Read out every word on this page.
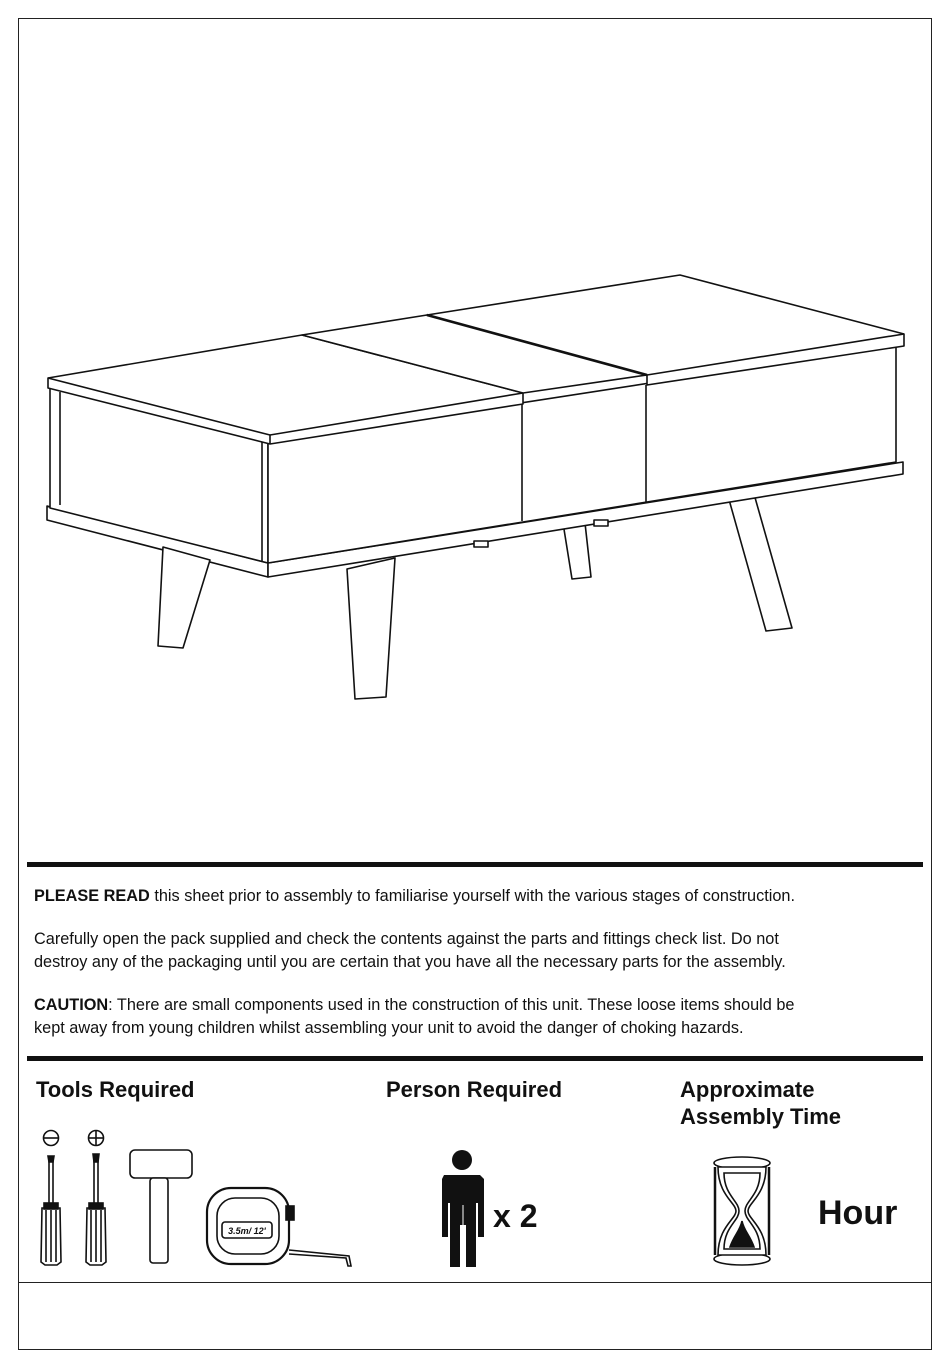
PLEASE READ this sheet prior to assembly to familiarise yourself with the various stages of construction.

Carefully open the pack supplied and check the contents against the parts and fittings check list. Do not
destroy any of the packaging until you are certain that you have all the necessary parts for the assembly.

CAUTION: There are small components used in the construction of this unit. These loose items should be
kept away from young children whilst assembling your unit to avoid the danger of choking hazards.

Tools Required
3.5m/ 12'
Person Required
x 2
Approximate
Assembly Time
Hour
